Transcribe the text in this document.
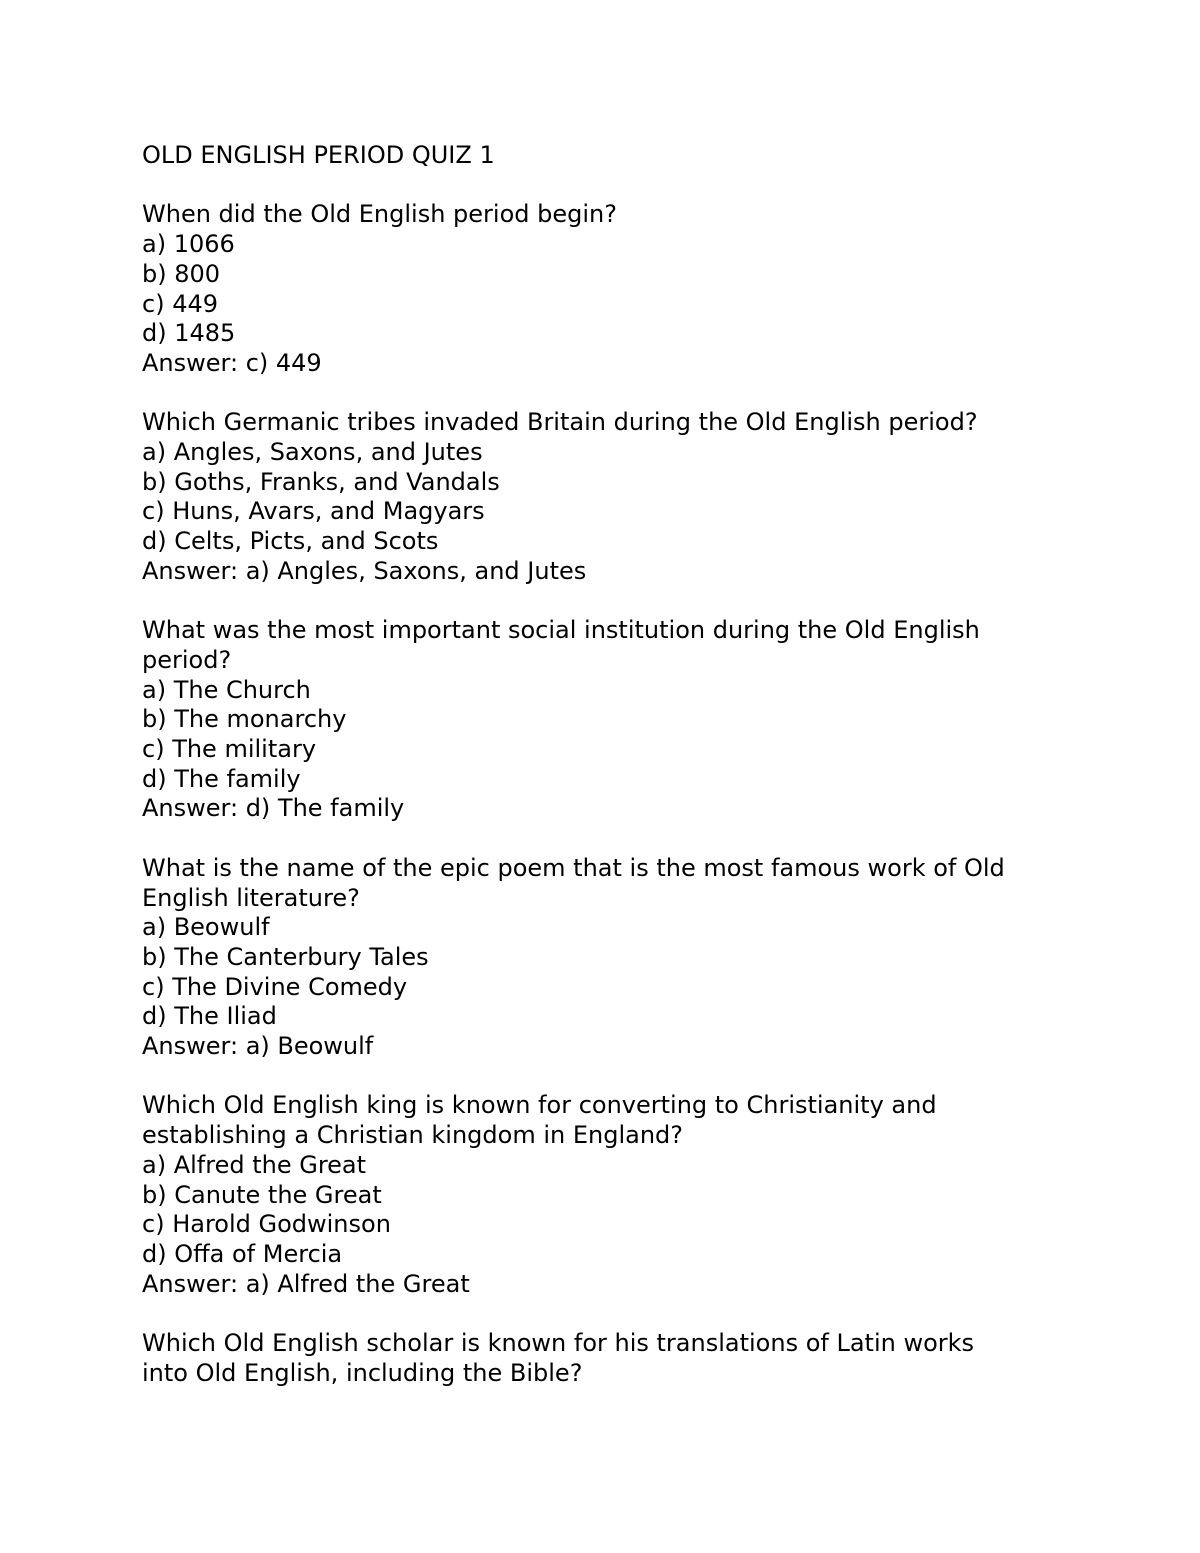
OLD ENGLISH PERIOD QUIZ 1

When did the Old English period begin?

a) 1066

b) 800

c) 449

d) 1485

Answer: c) 449

Which Germanic tribes invaded Britain during the Old English period?

a) Angles, Saxons, and Jutes

b) Goths, Franks, and Vandals

c) Huns, Avars, and Magyars

d) Celts, Picts, and Scots

Answer: a) Angles, Saxons, and Jutes

What was the most important social institution during the Old English

period?

a) The Church

b) The monarchy

c) The military

d) The family

Answer: d) The family

What is the name of the epic poem that is the most famous work of Old

English literature?

a) Beowulf

b) The Canterbury Tales

c) The Divine Comedy

d) The Iliad

Answer: a) Beowulf

Which Old English king is known for converting to Christianity and

establishing a Christian kingdom in England?

a) Alfred the Great

b) Canute the Great

c) Harold Godwinson

d) Offa of Mercia

Answer: a) Alfred the Great

Which Old English scholar is known for his translations of Latin works

into Old English, including the Bible?
